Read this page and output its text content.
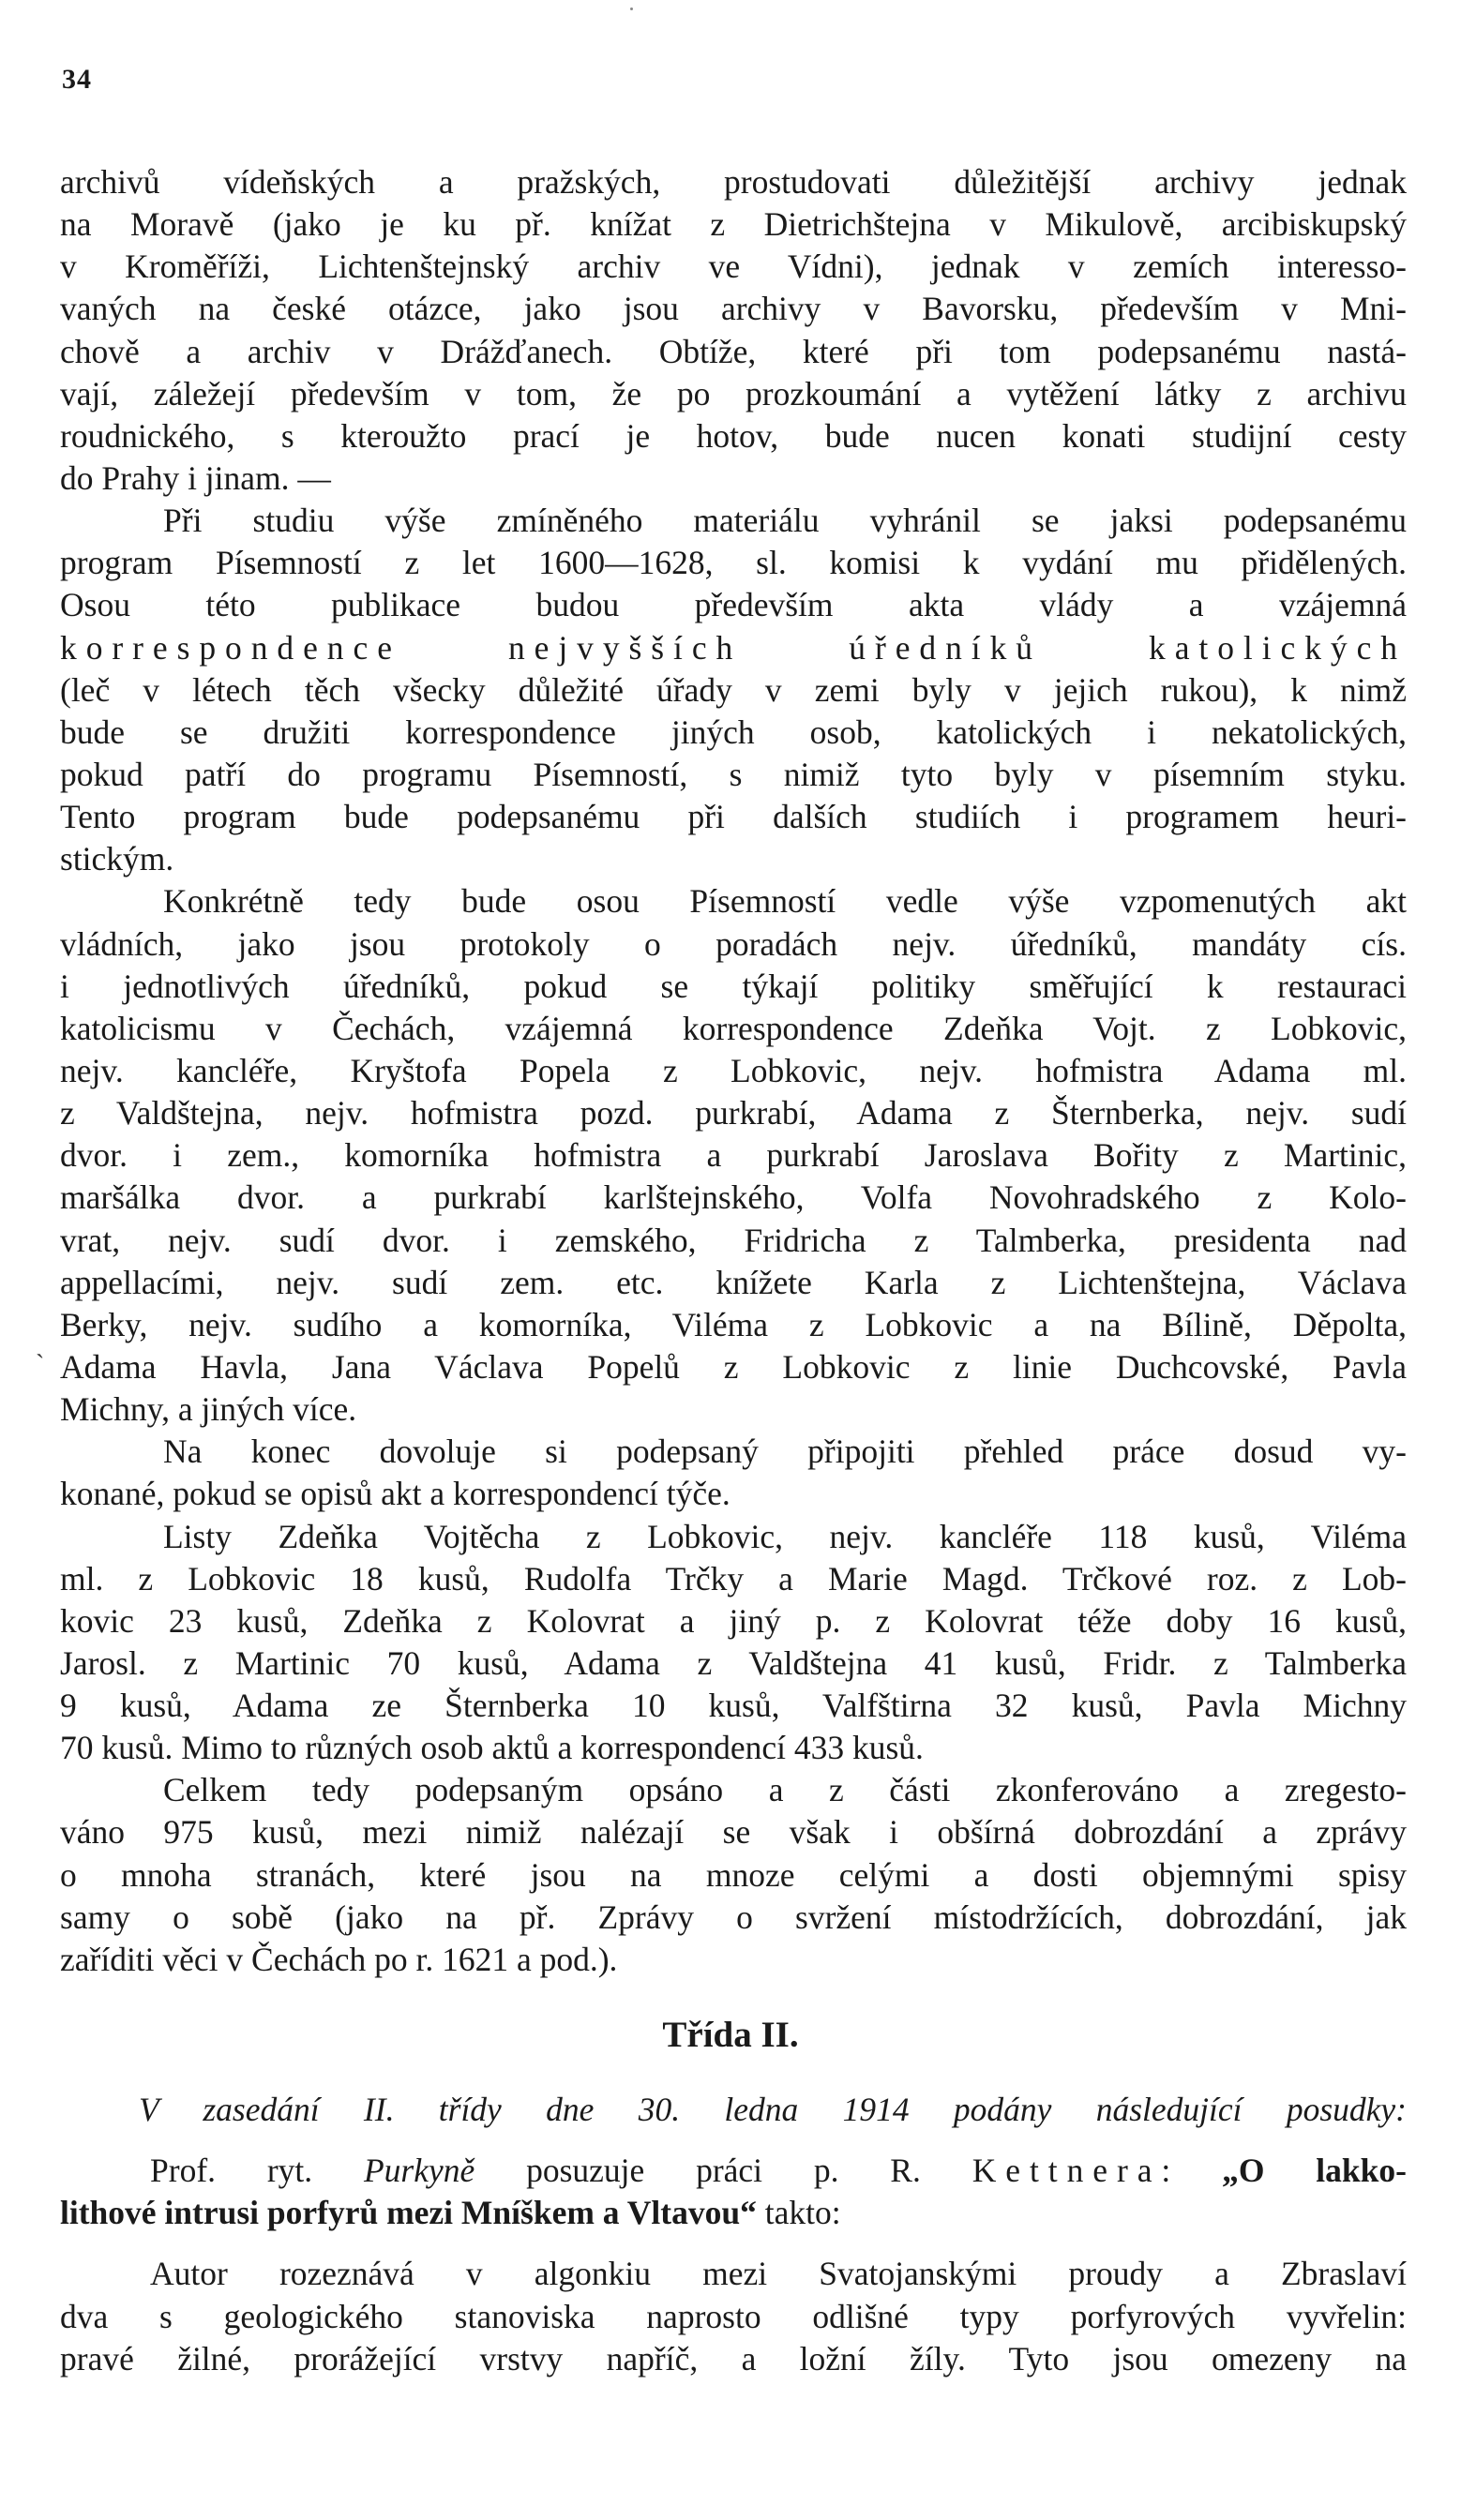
34
`
archivů vídeňských a pražských, prostudovati důležitější archivy jednak
na Moravě (jako je ku př. knížat z Dietrichštejna v Mikulově, arcibiskupský
v Kroměříži, Lichtenštejnský archiv ve Vídni), jednak v zemích interesso-
vaných na české otázce, jako jsou archivy v Bavorsku, především v Mni-
chově a archiv v Drážďanech. Obtíže, které při tom podepsanému nastá-
vají, záležejí především v tom, že po prozkoumání a vytěžení látky z archivu
roudnického, s kteroužto prací je hotov, bude nucen konati studijní cesty
do Prahy i jinam. —
Při studiu výše zmíněného materiálu vyhránil se jaksi podepsanému
program Písemností z let 1600—1628, sl. komisi k vydání mu přidělených.
Osou této publikace budou především akta vlády a vzájemná
korrespondence nejvyšších úředníků katolických
(leč v létech těch všecky důležité úřady v zemi byly v jejich rukou), k nimž
bude se družiti korrespondence jiných osob, katolických i nekatolických,
pokud patří do programu Písemností, s nimiž tyto byly v písemním styku.
Tento program bude podepsanému při dalších studiích i programem heuri-
stickým.
Konkrétně tedy bude osou Písemností vedle výše vzpomenutých akt
vládních, jako jsou protokoly o poradách nejv. úředníků, mandáty cís.
i jednotlivých úředníků, pokud se týkají politiky směřující k restauraci
katolicismu v Čechách, vzájemná korrespondence Zdeňka Vojt. z Lobkovic,
nejv. kancléře, Kryštofa Popela z Lobkovic, nejv. hofmistra Adama ml.
z Valdštejna, nejv. hofmistra pozd. purkrabí, Adama z Šternberka, nejv. sudí
dvor. i zem., komorníka hofmistra a purkrabí Jaroslava Bořity z Martinic,
maršálka dvor. a purkrabí karlštejnského, Volfa Novohradského z Kolo-
vrat, nejv. sudí dvor. i zemského, Fridricha z Talmberka, presidenta nad
appellacími, nejv. sudí zem. etc. knížete Karla z Lichtenštejna, Václava
Berky, nejv. sudího a komorníka, Viléma z Lobkovic a na Bílině, Děpolta,
Adama Havla, Jana Václava Popelů z Lobkovic z linie Duchcovské, Pavla
Michny, a jiných více.
Na konec dovoluje si podepsaný připojiti přehled práce dosud vy-
konané, pokud se opisů akt a korrespondencí týče.
Listy Zdeňka Vojtěcha z Lobkovic, nejv. kancléře 118 kusů, Viléma
ml. z Lobkovic 18 kusů, Rudolfa Trčky a Marie Magd. Trčkové roz. z Lob-
kovic 23 kusů, Zdeňka z Kolovrat a jiný p. z Kolovrat téže doby 16 kusů,
Jarosl. z Martinic 70 kusů, Adama z Valdštejna 41 kusů, Fridr. z Talmberka
9 kusů, Adama ze Šternberka 10 kusů, Valfštirna 32 kusů, Pavla Michny
70 kusů. Mimo to různých osob aktů a korrespondencí 433 kusů.
Celkem tedy podepsaným opsáno a z části zkonferováno a zregesto-
váno 975 kusů, mezi nimiž nalézají se však i obšírná dobrozdání a zprávy
o mnoha stranách, které jsou na mnoze celými a dosti objemnými spisy
samy o sobě (jako na př. Zprávy o svržení místodržících, dobrozdání, jak
zaříditi věci v Čechách po r. 1621 a pod.).
Třída II.
V zasedání II. třídy dne 30. ledna 1914 podány následující posudky:
Prof. ryt. Purkyně posuzuje práci p. R. Kettnera: „O lakko-
lithové intrusi porfyrů mezi Mníškem a Vltavou“ takto:
Autor rozeznává v algonkiu mezi Svatojanskými proudy a Zbraslaví
dva s geologického stanoviska naprosto odlišné typy porfyrových vyvřelin:
pravé žilné, prorážející vrstvy napříč, a ložní žíly. Tyto jsou omezeny na
